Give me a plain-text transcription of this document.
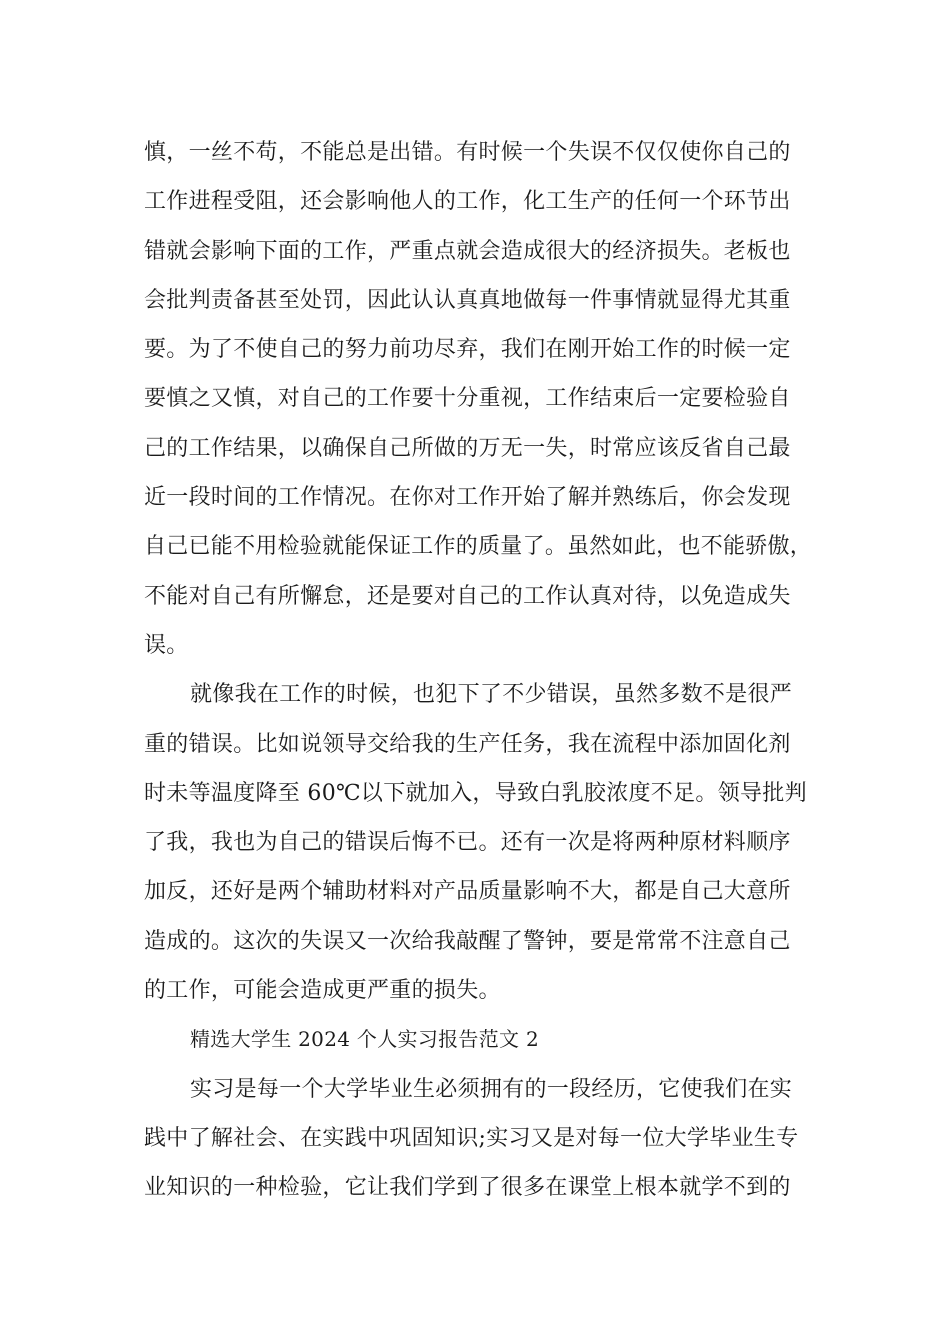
慎，一丝不苟，不能总是出错。有时候一个失误不仅仅使你自己的
工作进程受阻，还会影响他人的工作，化工生产的任何一个环节出
错就会影响下面的工作，严重点就会造成很大的经济损失。老板也
会批判责备甚至处罚，因此认认真真地做每一件事情就显得尤其重
要。为了不使自己的努力前功尽弃，我们在刚开始工作的时候一定
要慎之又慎，对自己的工作要十分重视，工作结束后一定要检验自
己的工作结果，以确保自己所做的万无一失，时常应该反省自己最
近一段时间的工作情况。在你对工作开始了解并熟练后，你会发现
自己已能不用检验就能保证工作的质量了。虽然如此，也不能骄傲，
不能对自己有所懈怠，还是要对自己的工作认真对待，以免造成失
误。

就像我在工作的时候，也犯下了不少错误，虽然多数不是很严
重的错误。比如说领导交给我的生产任务，我在流程中添加固化剂
时未等温度降至 60℃以下就加入，导致白乳胶浓度不足。领导批判
了我，我也为自己的错误后悔不已。还有一次是将两种原材料顺序
加反，还好是两个辅助材料对产品质量影响不大，都是自己大意所
造成的。这次的失误又一次给我敲醒了警钟，要是常常不注意自己
的工作，可能会造成更严重的损失。

精选大学生 2024 个人实习报告范文 2

实习是每一个大学毕业生必须拥有的一段经历，它使我们在实
践中了解社会、在实践中巩固知识;实习又是对每一位大学毕业生专
业知识的一种检验，它让我们学到了很多在课堂上根本就学不到的
